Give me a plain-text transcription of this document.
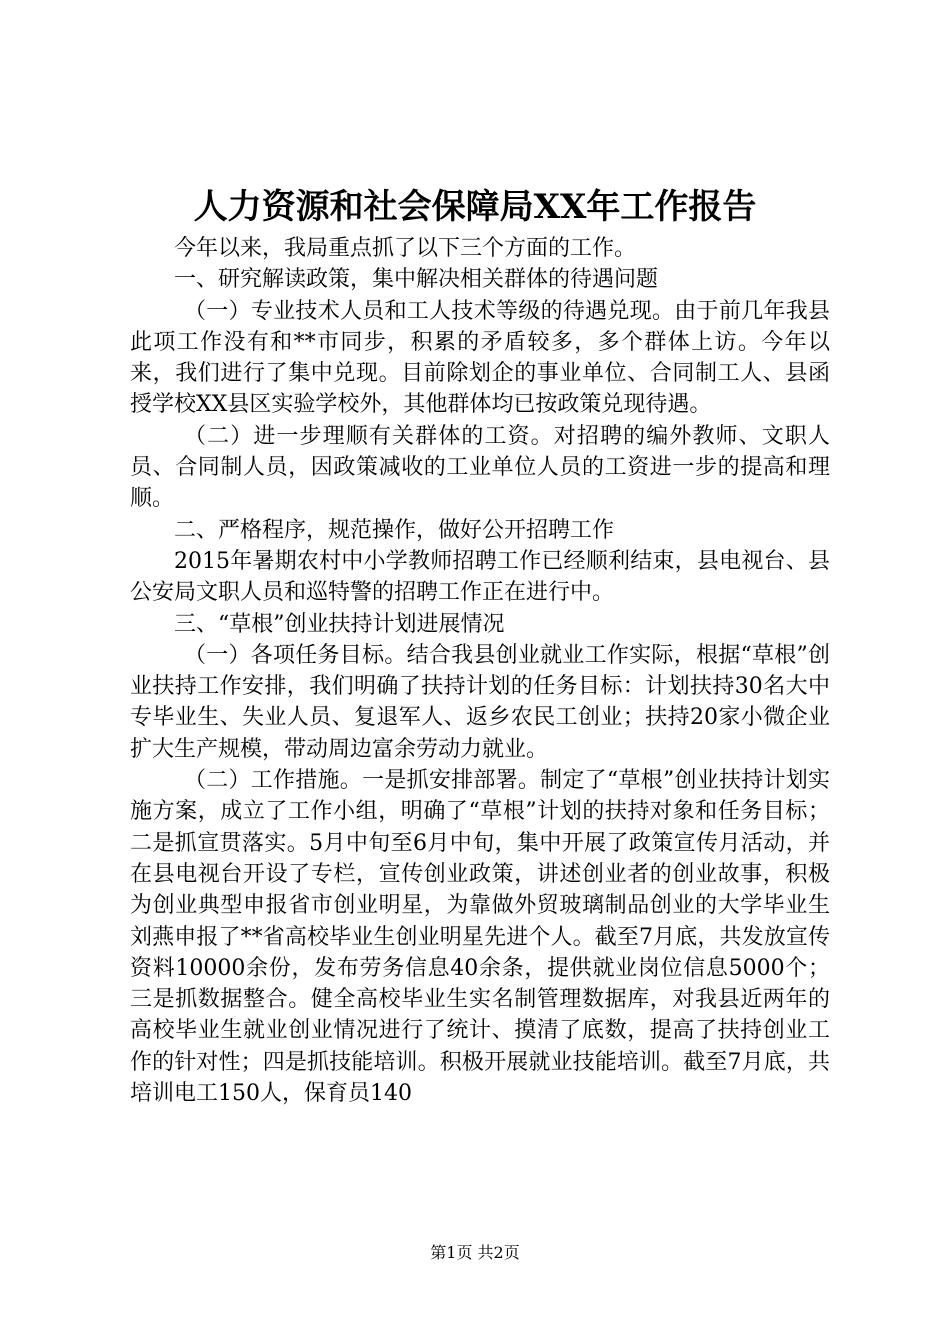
人力资源和社会保障局XX年工作报告

今年以来，我局重点抓了以下三个方面的工作。

一、研究解读政策，集中解决相关群体的待遇问题

（一）专业技术人员和工人技术等级的待遇兑现。由于前几年我县此项工作没有和**市同步，积累的矛盾较多，多个群体上访。今年以来，我们进行了集中兑现。目前除划企的事业单位、合同制工人、县函授学校XX县区实验学校外，其他群体均已按政策兑现待遇。

（二）进一步理顺有关群体的工资。对招聘的编外教师、文职人员、合同制人员，因政策减收的工业单位人员的工资进一步的提高和理顺。

二、严格程序，规范操作，做好公开招聘工作

2015年暑期农村中小学教师招聘工作已经顺利结束，县电视台、县公安局文职人员和巡特警的招聘工作正在进行中。

三、“草根”创业扶持计划进展情况

（一）各项任务目标。结合我县创业就业工作实际，根据“草根”创业扶持工作安排，我们明确了扶持计划的任务目标：计划扶持30名大中专毕业生、失业人员、复退军人、返乡农民工创业；扶持20家小微企业扩大生产规模，带动周边富余劳动力就业。

（二）工作措施。一是抓安排部署。制定了“草根”创业扶持计划实施方案，成立了工作小组，明确了“草根”计划的扶持对象和任务目标；二是抓宣贯落实。5月中旬至6月中旬，集中开展了政策宣传月活动，并在县电视台开设了专栏，宣传创业政策，讲述创业者的创业故事，积极为创业典型申报省市创业明星，为靠做外贸玻璃制品创业的大学毕业生刘燕申报了**省高校毕业生创业明星先进个人。截至7月底，共发放宣传资料10000余份，发布劳务信息40余条，提供就业岗位信息5000个；三是抓数据整合。健全高校毕业生实名制管理数据库，对我县近两年的高校毕业生就业创业情况进行了统计、摸清了底数，提高了扶持创业工作的针对性；四是抓技能培训。积极开展就业技能培训。截至7月底，共培训电工150人，保育员140

第1页 共2页
